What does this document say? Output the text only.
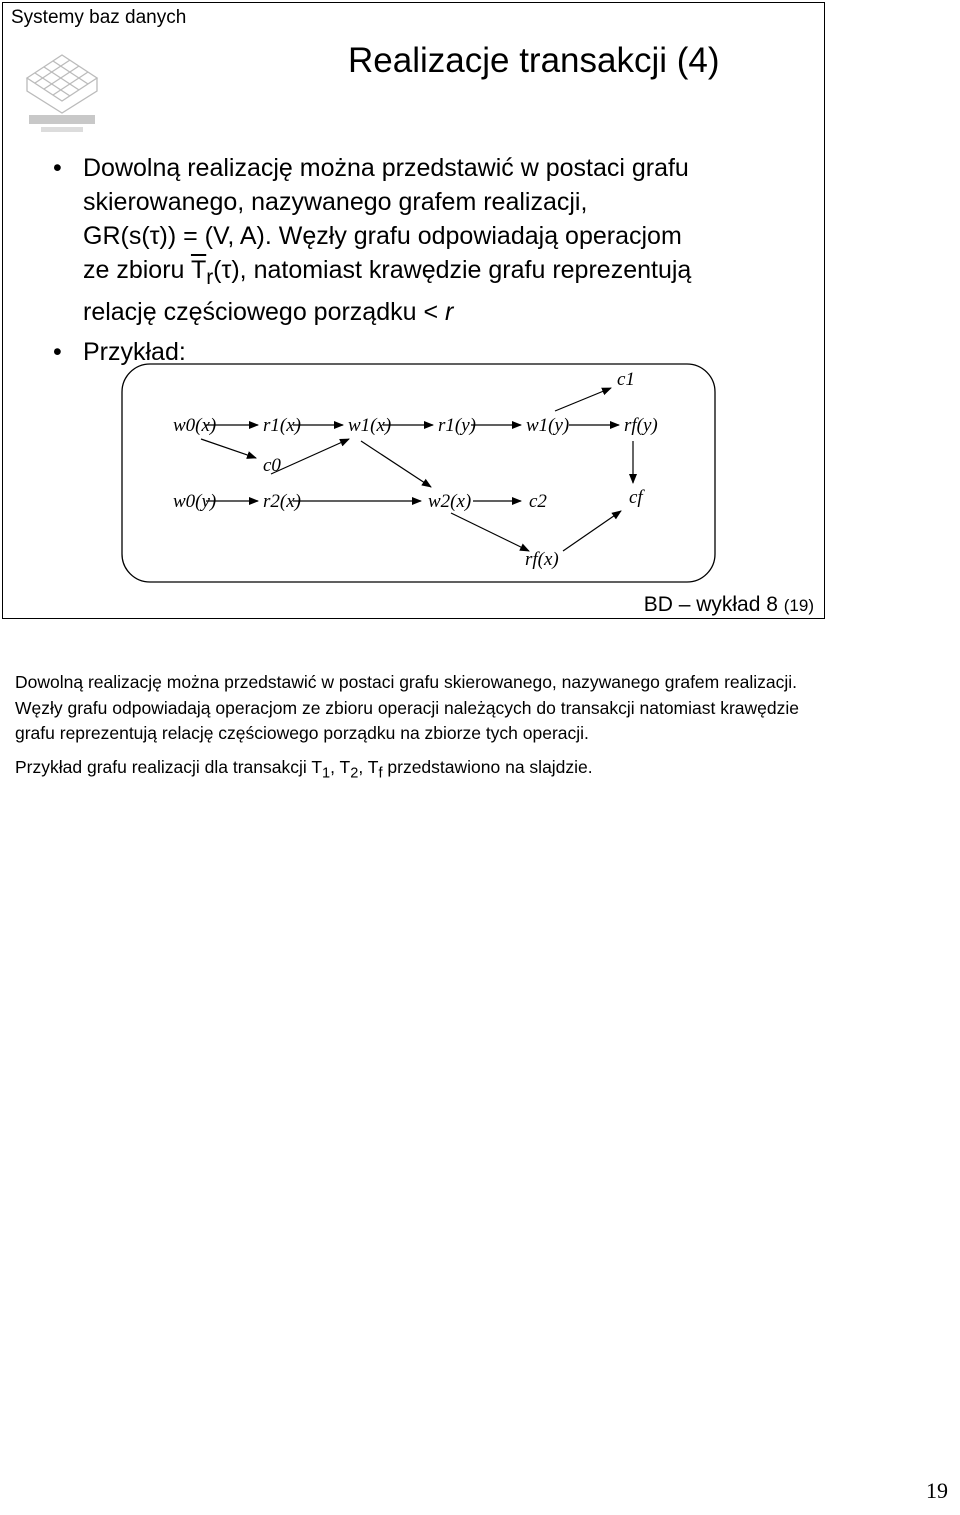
Systemy baz danych
Realizacje transakcji (4)
• Dowolną realizację można przedstawić w postaci grafu
skierowanego, nazywanego grafem realizacji,
GR(s(τ)) = (V, A). Węzły grafu odpowiadają operacjom
ze zbioru $\overline{T}_r(\tau)$, natomiast krawędzie grafu reprezentują
relację częściowego porządku < r
• Przykład:
w0(x) r1(x) w1(x) r1(y)	w1(y)	rf(y)
c1
c0
w0(y) r2(x)	w2(x)	c2	cf
rf(x)
BD – wykład 8 (19)

Dowolną realizację można przedstawić w postaci grafu skierowanego, nazywanego grafem realizacji. Węzły grafu odpowiadają operacjom ze zbioru operacji należących do transakcji natomiast krawędzie grafu reprezentują relację częściowego porządku na zbiorze tych operacji.

Przykład grafu realizacji dla transakcji $T_1$, $T_2$, $T_f$ przedstawiono na slajdzie.

19
